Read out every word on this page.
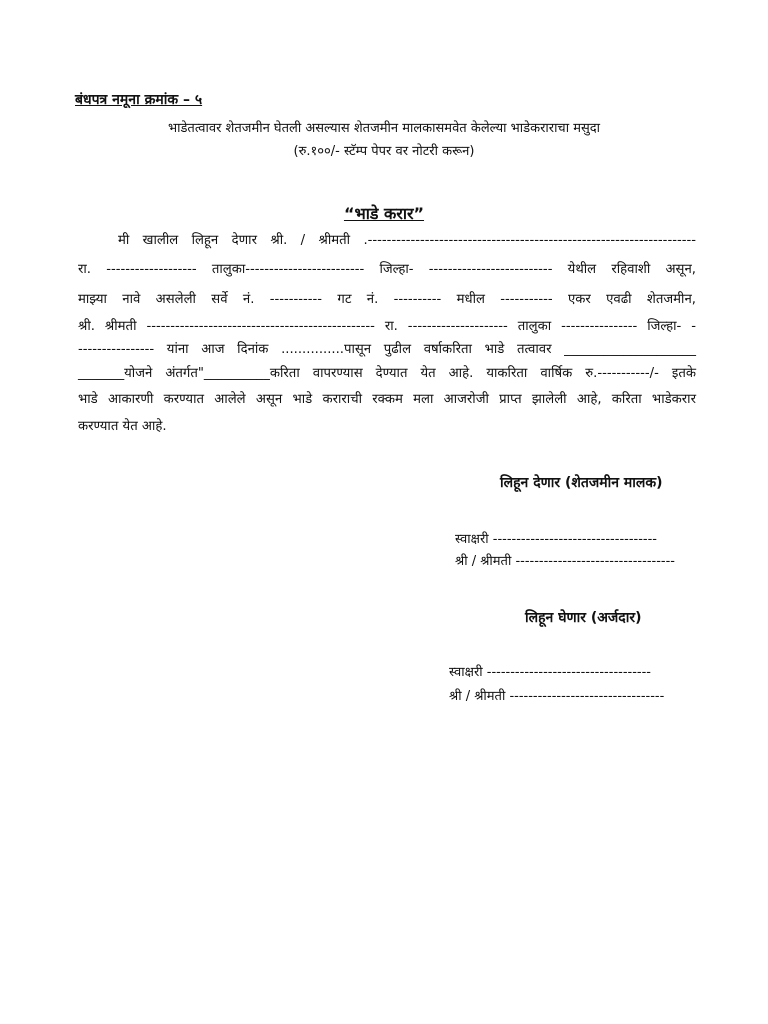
बंधपत्र नमूना क्रमांक – ५
भाडेतत्वावर शेतजमीन घेतली असल्यास शेतजमीन मालकासमवेत केलेल्या भाडेकराराचा मसुदा
(रु.१००/- स्टॅम्प पेपर वर नोटरी करून)
“भाडे करार”
मी खालील लिहून देणार श्री. / श्रीमती .---------------------------------------------------------------------
रा. ------------------- तालुका------------------------- जिल्हा- -------------------------- येथील रहिवाशी असून,
माझ्या नावे असलेली सर्वे नं. ----------- गट नं. ---------- मधील ----------- एकर एवढी शेतजमीन,
श्री. श्रीमती ------------------------------------------------ रा. --------------------- तालुका ---------------- जिल्हा- -
---------------- यांना आज दिनांक ...............पासून पुढील वर्षाकरिता भाडे तत्वावर ____________________
_______योजने अंतर्गत"__________करिता वापरण्यास देण्यात येत आहे. याकरिता वार्षिक रु.-----------/- इतके
भाडे आकारणी करण्यात आलेले असून भाडे कराराची रक्कम मला आजरोजी प्राप्त झालेली आहे, करिता भाडेकरार
करण्यात येत आहे.
लिहून देणार (शेतजमीन मालक)
स्वाक्षरी -----------------------------------
श्री / श्रीमती ----------------------------------
लिहून घेणार (अर्जदार)
स्वाक्षरी -----------------------------------
श्री / श्रीमती ---------------------------------
